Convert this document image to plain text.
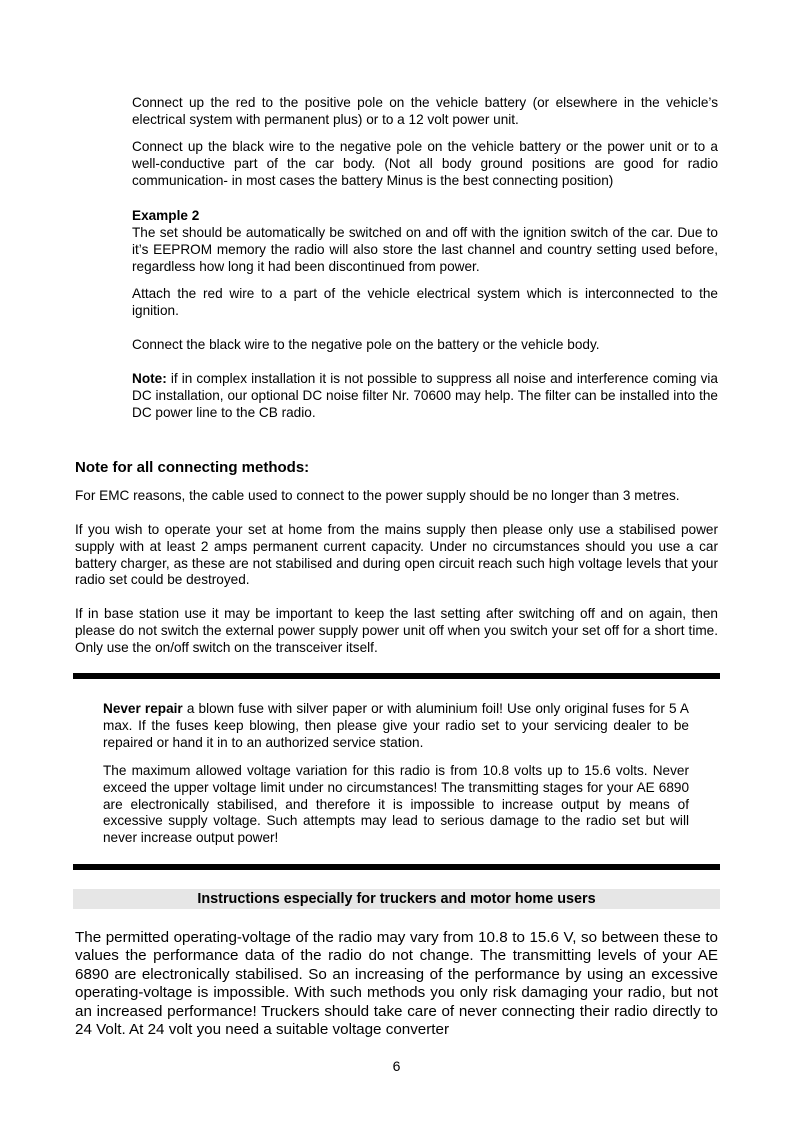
Connect up the red to the positive pole on the vehicle battery (or elsewhere in the vehicle’s electrical system with permanent plus) or to a 12 volt power unit.

Connect up the black wire to the negative pole on the vehicle battery or the power unit or to a well-conductive part of the car body. (Not all body ground positions are good for radio communication- in most cases the battery Minus is the best connecting position)

Example 2

The set should be automatically be switched on and off with the ignition switch of the car. Due to it’s EEPROM memory the radio will also store the last channel and country setting used before, regardless how long it had been discontinued from power.

Attach the red wire to a part of the vehicle electrical system which is interconnected to the ignition.

Connect the black wire to the negative pole on the battery or the vehicle body.

Note: if in complex installation it is not possible to suppress all noise and interference coming via DC installation, our optional DC noise filter Nr. 70600 may help. The filter can be installed into the DC power line to the CB radio.

Note for all connecting methods:

For EMC reasons, the cable used to connect to the power supply should be no longer than 3 metres.

If you wish to operate your set at home from the mains supply then please only use a stabilised power supply with at least 2 amps permanent current capacity. Under no circumstances should you use a car battery charger, as these are not stabilised and during open circuit reach such high voltage levels that your radio set could be destroyed.

If in base station use it may be important to keep the last setting after switching off and on again, then please do not switch the external power supply power unit off when you switch your set off for a short time. Only use the on/off switch on the transceiver itself.

Never repair a blown fuse with silver paper or with aluminium foil! Use only original fuses for 5 A max. If the fuses keep blowing, then please give your radio set to your servicing dealer to be repaired or hand it in to an authorized service station.

The maximum allowed voltage variation for this radio is from 10.8 volts up to 15.6 volts. Never exceed the upper voltage limit under no circumstances! The transmitting stages for your AE 6890 are electronically stabilised, and therefore it is impossible to increase output by means of excessive supply voltage. Such attempts may lead to serious damage to the radio set but will never increase output power!

Instructions especially for truckers and motor home users

The permitted operating-voltage of the radio may vary from 10.8 to 15.6 V, so between these to values the performance data of the radio do not change. The transmitting levels of your AE 6890 are electronically stabilised. So an increasing of the performance by using an excessive operating-voltage is impossible. With such methods you only risk damaging your radio, but not an increased performance! Truckers should take care of never connecting their radio directly to 24 Volt. At 24 volt you need a suitable voltage converter

6
